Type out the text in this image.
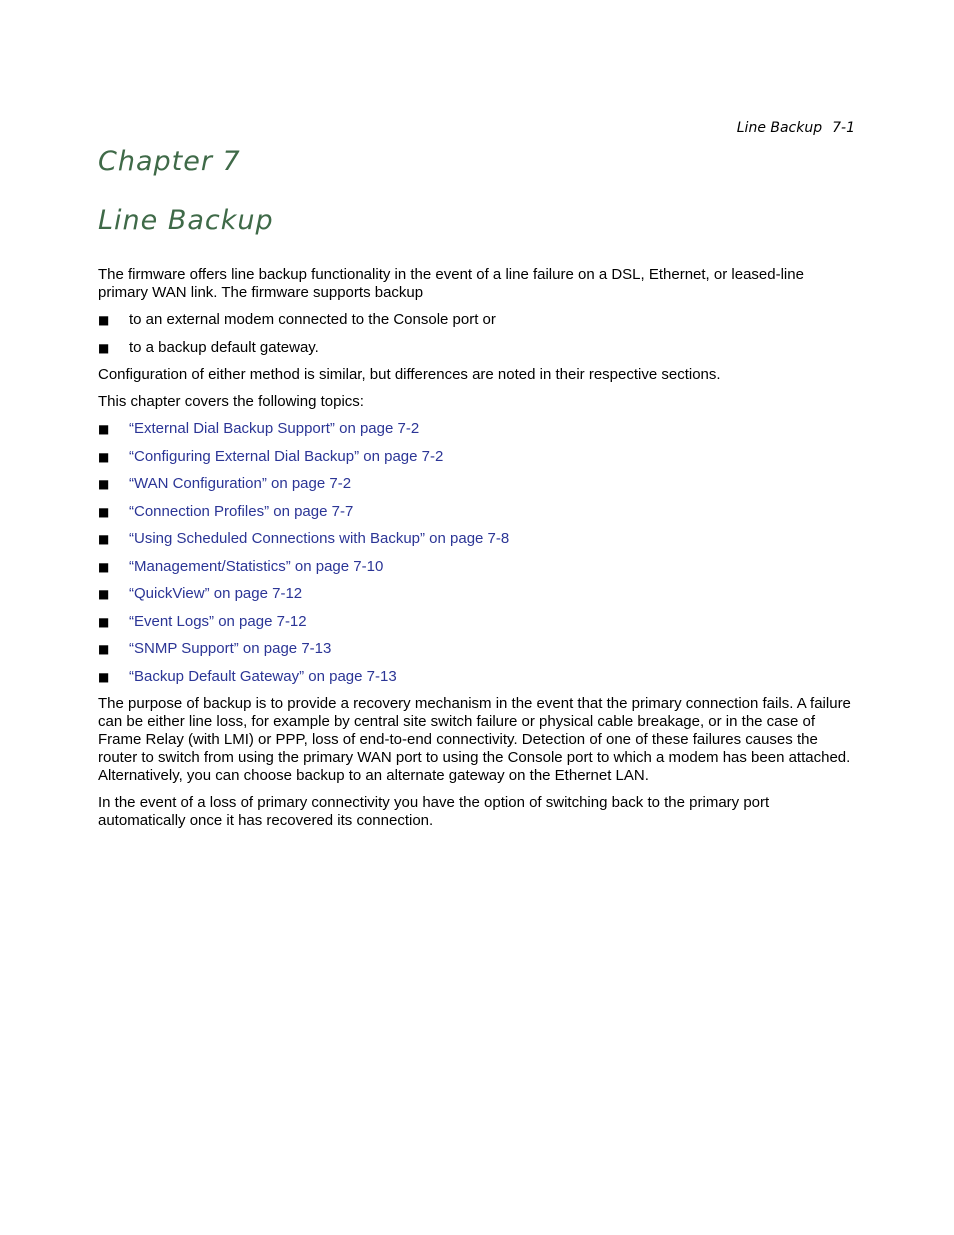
Line Backup 7-1
Chapter 7
Line Backup

The firmware offers line backup functionality in the event of a line failure on a DSL, Ethernet, or leased-line primary WAN link. The firmware supports backup

■ to an external modem connected to the Console port or
■ to a backup default gateway.

Configuration of either method is similar, but differences are noted in their respective sections.

This chapter covers the following topics:

■ “External Dial Backup Support” on page 7-2
■ “Configuring External Dial Backup” on page 7-2
■ “WAN Configuration” on page 7-2
■ “Connection Profiles” on page 7-7
■ “Using Scheduled Connections with Backup” on page 7-8
■ “Management/Statistics” on page 7-10
■ “QuickView” on page 7-12
■ “Event Logs” on page 7-12
■ “SNMP Support” on page 7-13
■ “Backup Default Gateway” on page 7-13

The purpose of backup is to provide a recovery mechanism in the event that the primary connection fails. A failure can be either line loss, for example by central site switch failure or physical cable breakage, or in the case of Frame Relay (with LMI) or PPP, loss of end-to-end connectivity. Detection of one of these failures causes the router to switch from using the primary WAN port to using the Console port to which a modem has been attached. Alternatively, you can choose backup to an alternate gateway on the Ethernet LAN.

In the event of a loss of primary connectivity you have the option of switching back to the primary port automatically once it has recovered its connection.
